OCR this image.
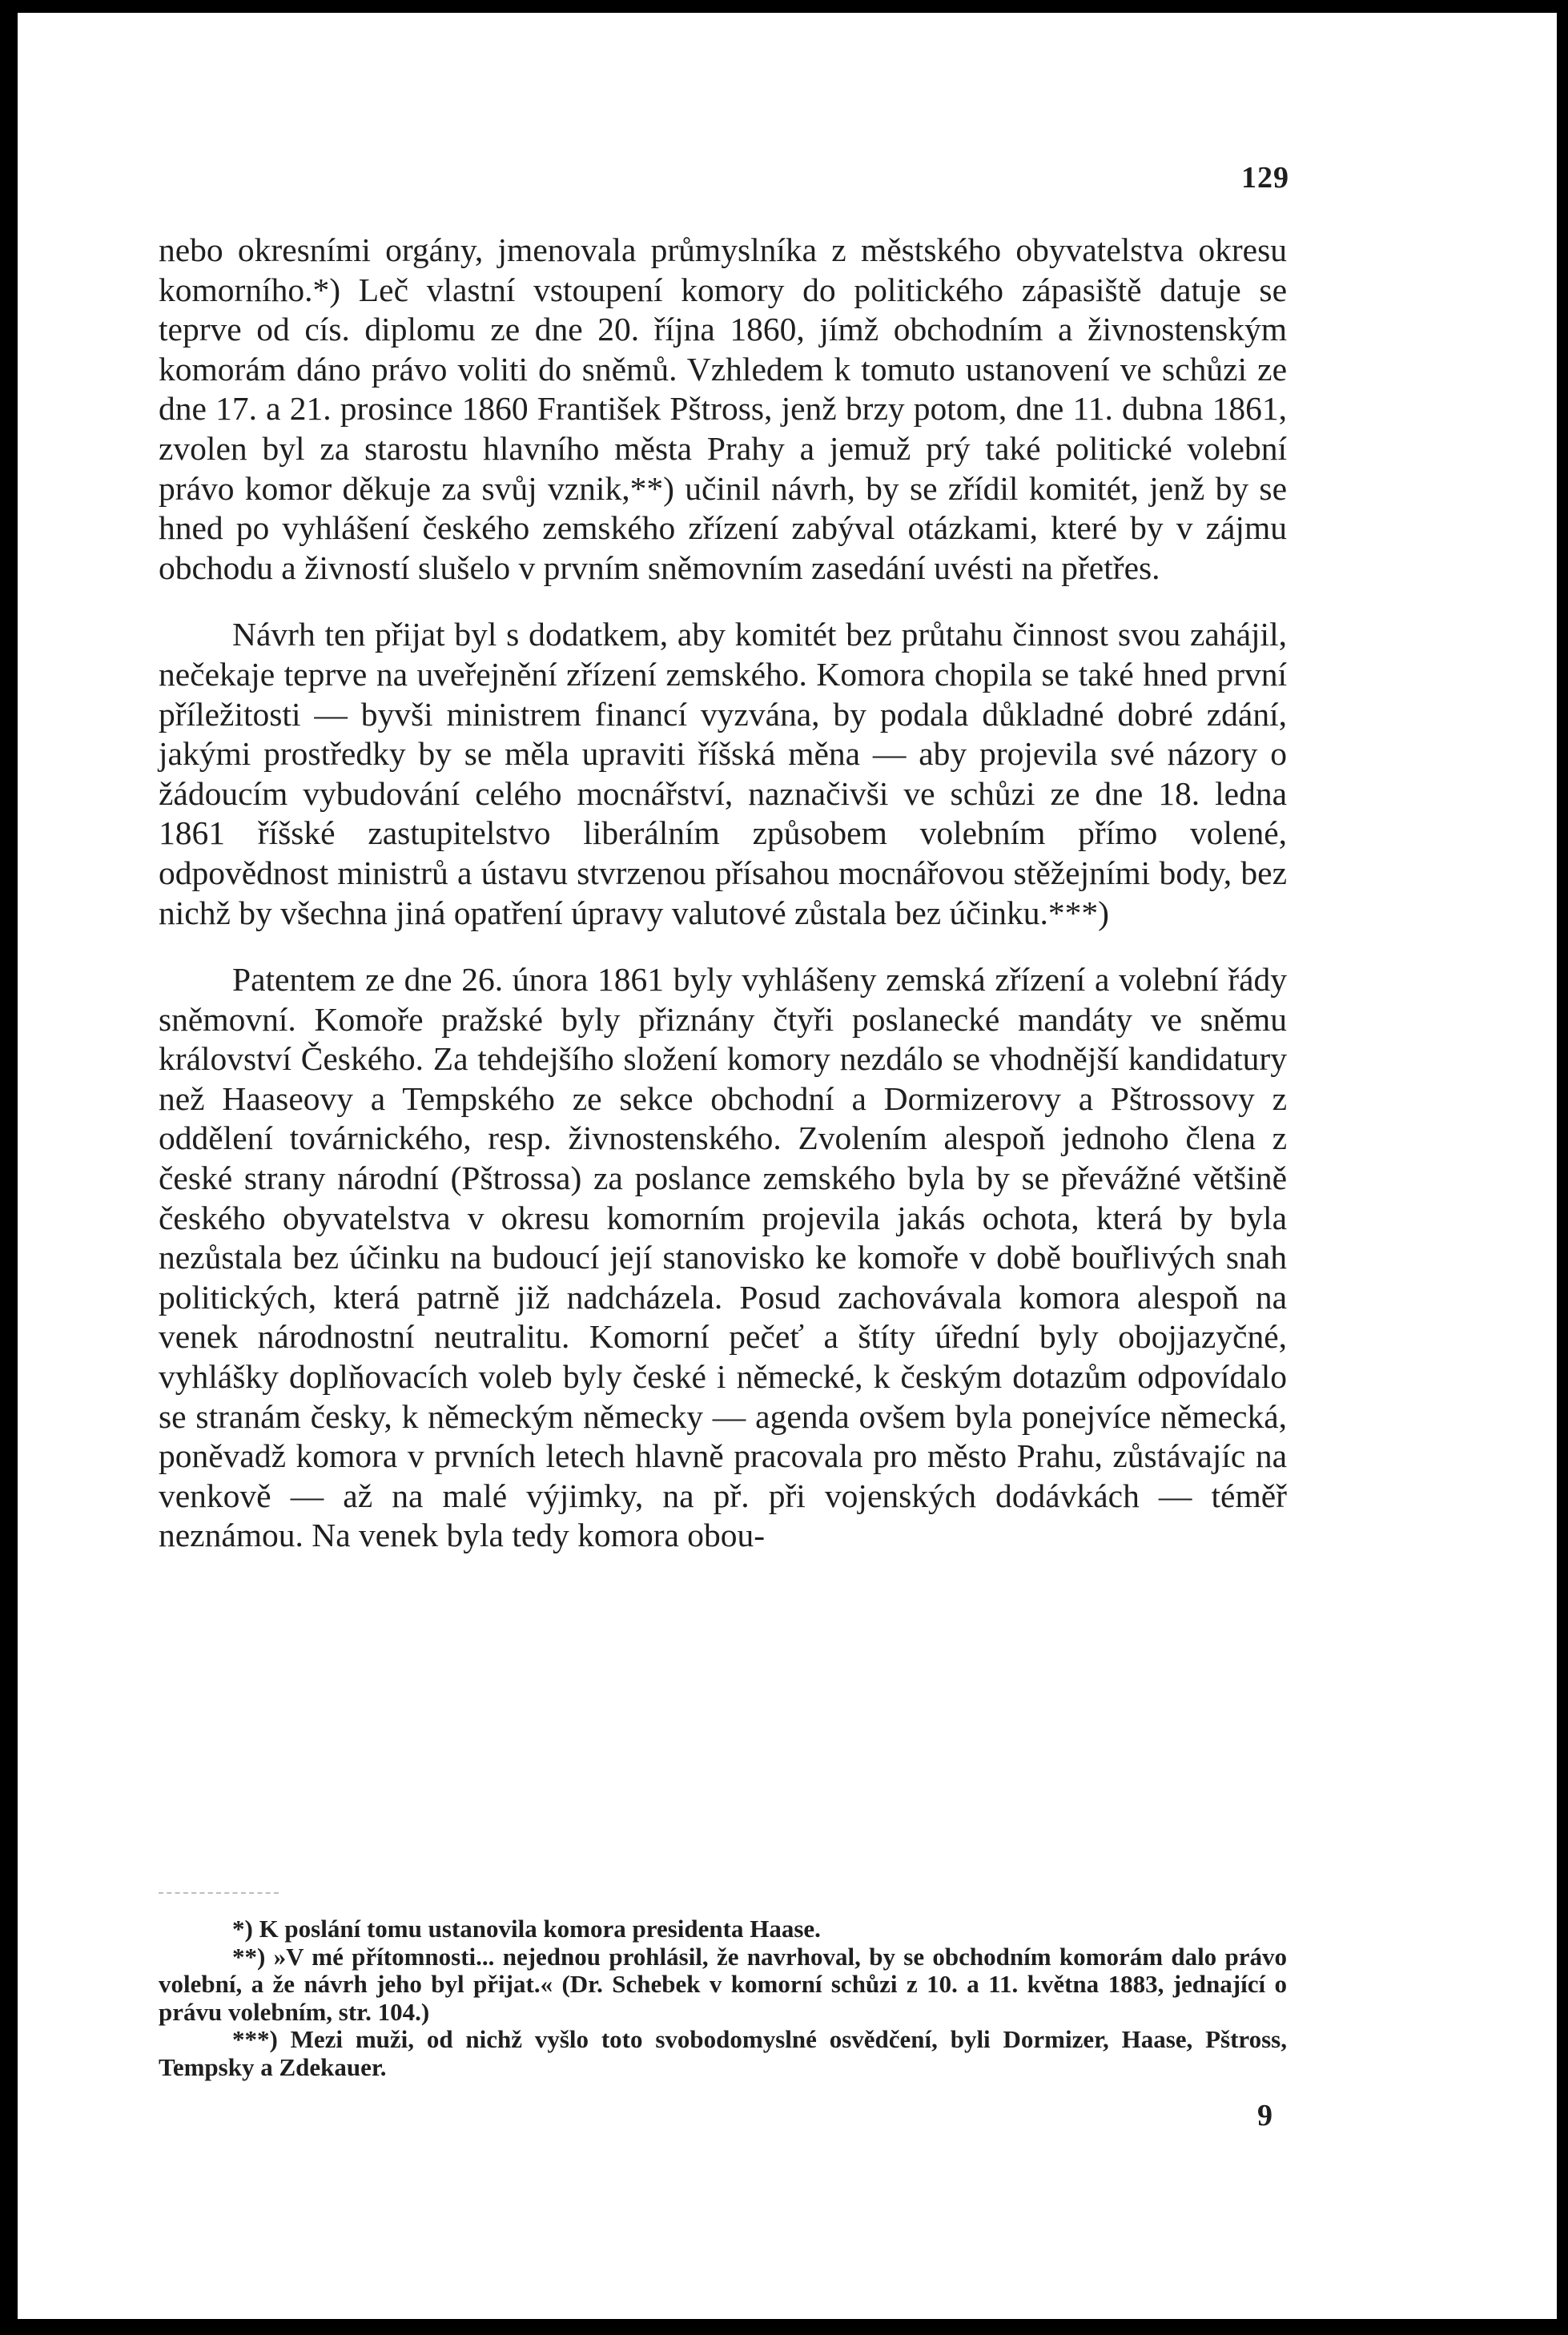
129

nebo okresními orgány, jmenovala průmyslníka z městského obyvatelstva okresu komorního.*) Leč vlastní vstoupení komory do politického zápasiště datuje se teprve od cís. diplomu ze dne 20. října 1860, jímž obchodním a živnostenským komorám dáno právo voliti do sněmů. Vzhledem k tomuto ustanovení ve schůzi ze dne 17. a 21. prosince 1860 František Pštross, jenž brzy potom, dne 11. dubna 1861, zvolen byl za starostu hlavního města Prahy a jemuž prý také politické volební právo komor děkuje za svůj vznik,**) učinil návrh, by se zřídil komitét, jenž by se hned po vyhlášení českého zemského zřízení zabýval otázkami, které by v zájmu obchodu a živností slušelo v prvním sněmovním zasedání uvésti na přetřes.

Návrh ten přijat byl s dodatkem, aby komitét bez průtahu činnost svou zahájil, nečekaje teprve na uveřejnění zřízení zemského. Komora chopila se také hned první příležitosti — byvši ministrem financí vyzvána, by podala důkladné dobré zdání, jakými prostředky by se měla upraviti říšská měna — aby projevila své názory o žádoucím vybudování celého mocnářství, naznačivši ve schůzi ze dne 18. ledna 1861 říšské zastupitelstvo liberálním způsobem volebním přímo volené, odpovědnost ministrů a ústavu stvrzenou přísahou mocnářovou stěžejními body, bez nichž by všechna jiná opatření úpravy valutové zůstala bez účinku.***)

Patentem ze dne 26. února 1861 byly vyhlášeny zemská zřízení a volební řády sněmovní. Komoře pražské byly přiznány čtyři poslanecké mandáty ve sněmu království Českého. Za tehdejšího složení komory nezdálo se vhodnější kandidatury než Haaseovy a Tempského ze sekce obchodní a Dormizerovy a Pštrossovy z oddělení továrnického, resp. živnostenského. Zvolením alespoň jednoho člena z české strany národní (Pštrossa) za poslance zemského byla by se převážné většině českého obyvatelstva v okresu komorním projevila jakás ochota, která by byla nezůstala bez účinku na budoucí její stanovisko ke komoře v době bouřlivých snah politických, která patrně již nadcházela. Posud zachovávala komora alespoň na venek národnostní neutralitu. Komorní pečeť a štíty úřední byly obojjazyčné, vyhlášky doplňovacích voleb byly české i německé, k českým dotazům odpovídalo se stranám česky, k německým německy — agenda ovšem byla ponejvíce německá, poněvadž komora v prvních letech hlavně pracovala pro město Prahu, zůstávajíc na venkově — až na malé výjimky, na př. při vojenských dodávkách — téměř neznámou. Na venek byla tedy komora obou-

*) K poslání tomu ustanovila komora presidenta Haase.

**) »V mé přítomnosti... nejednou prohlásil, že navrhoval, by se obchodním komorám dalo právo volební, a že návrh jeho byl přijat.« (Dr. Schebek v komorní schůzi z 10. a 11. května 1883, jednající o právu volebním, str. 104.)

***) Mezi muži, od nichž vyšlo toto svobodomyslné osvědčení, byli Dormizer, Haase, Pštross, Tempsky a Zdekauer.

9
